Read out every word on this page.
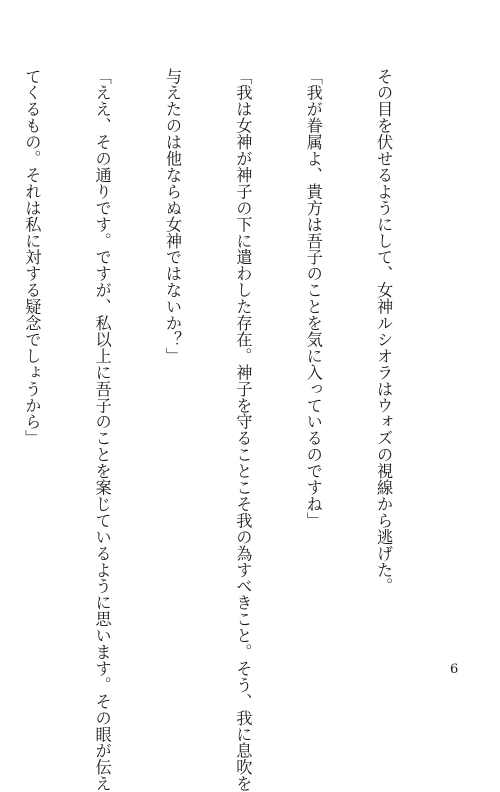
その目を伏せるようにして、女神ルシオラはウォズの視線から逃げた。

「我が眷属よ、貴方は吾子のことを気に入っているのですね」

「我は女神が神子の下に遣わした存在。神子を守ることこそ我の為すべきこと。そう、我に息吹を

与えたのは他ならぬ女神ではないか？」

「ええ、その通りです。ですが、私以上に吾子のことを案じているように思います。その眼が伝え

てくるもの。それは私に対する疑念でしょうから」

6
